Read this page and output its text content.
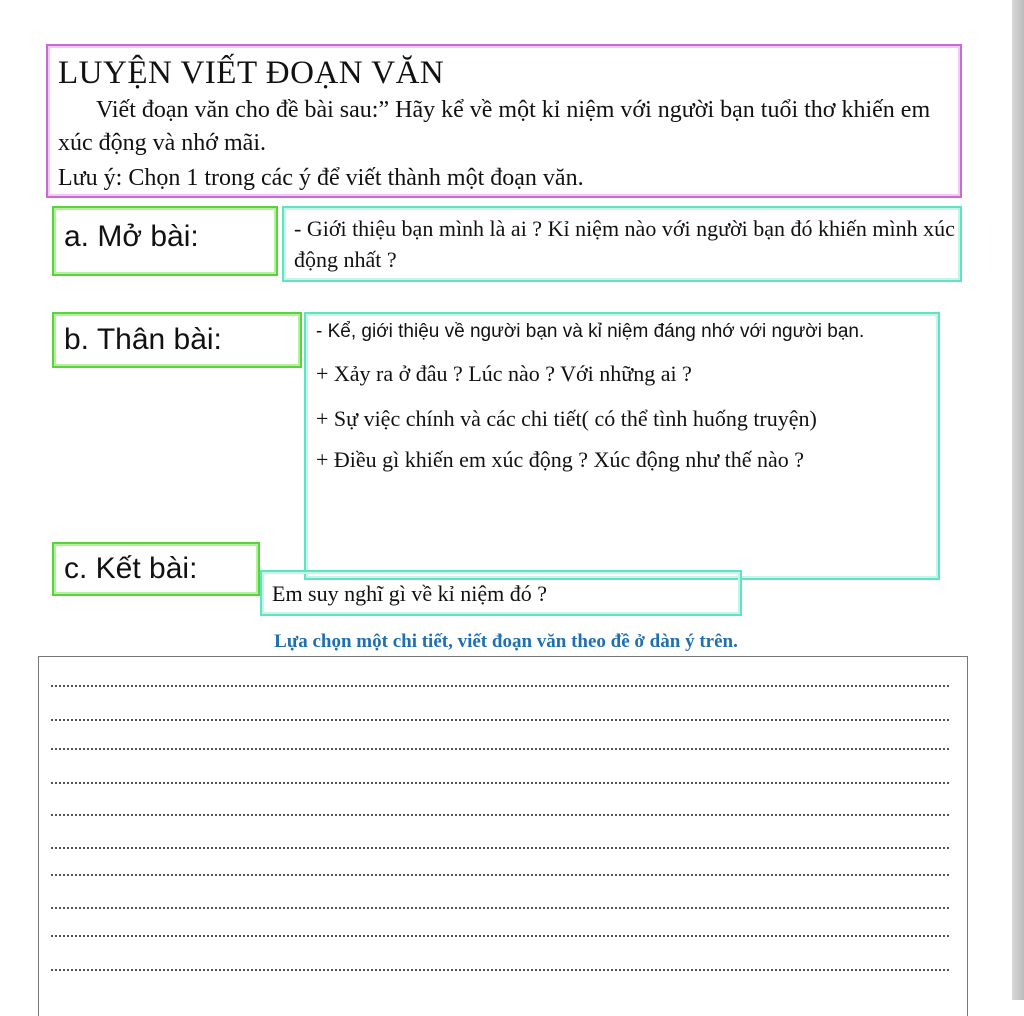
LUYỆN VIẾT ĐOẠN VĂN
Viết đoạn văn cho đề bài sau:” Hãy kể về một kỉ niệm với người bạn tuổi thơ khiến em xúc động và nhớ mãi.
Lưu ý: Chọn 1 trong các ý để viết thành một đoạn văn.
a. Mở bài:	- Giới thiệu bạn mình là ai ? Kỉ niệm nào với người bạn đó khiến mình xúc động nhất ?
b. Thân bài:	- Kể, giới thiệu về người bạn và kỉ niệm đáng nhớ với người bạn.
+ Xảy ra ở đâu ? Lúc nào ? Với những ai ?
+ Sự việc chính và các chi tiết( có thể tình huống truyện)
+ Điều gì khiến em xúc động ? Xúc động như thế nào ?
c. Kết bài:
Em suy nghĩ gì về kỉ niệm đó ?
Lựa chọn một chi tiết, viết đoạn văn theo đề ở dàn ý trên.
